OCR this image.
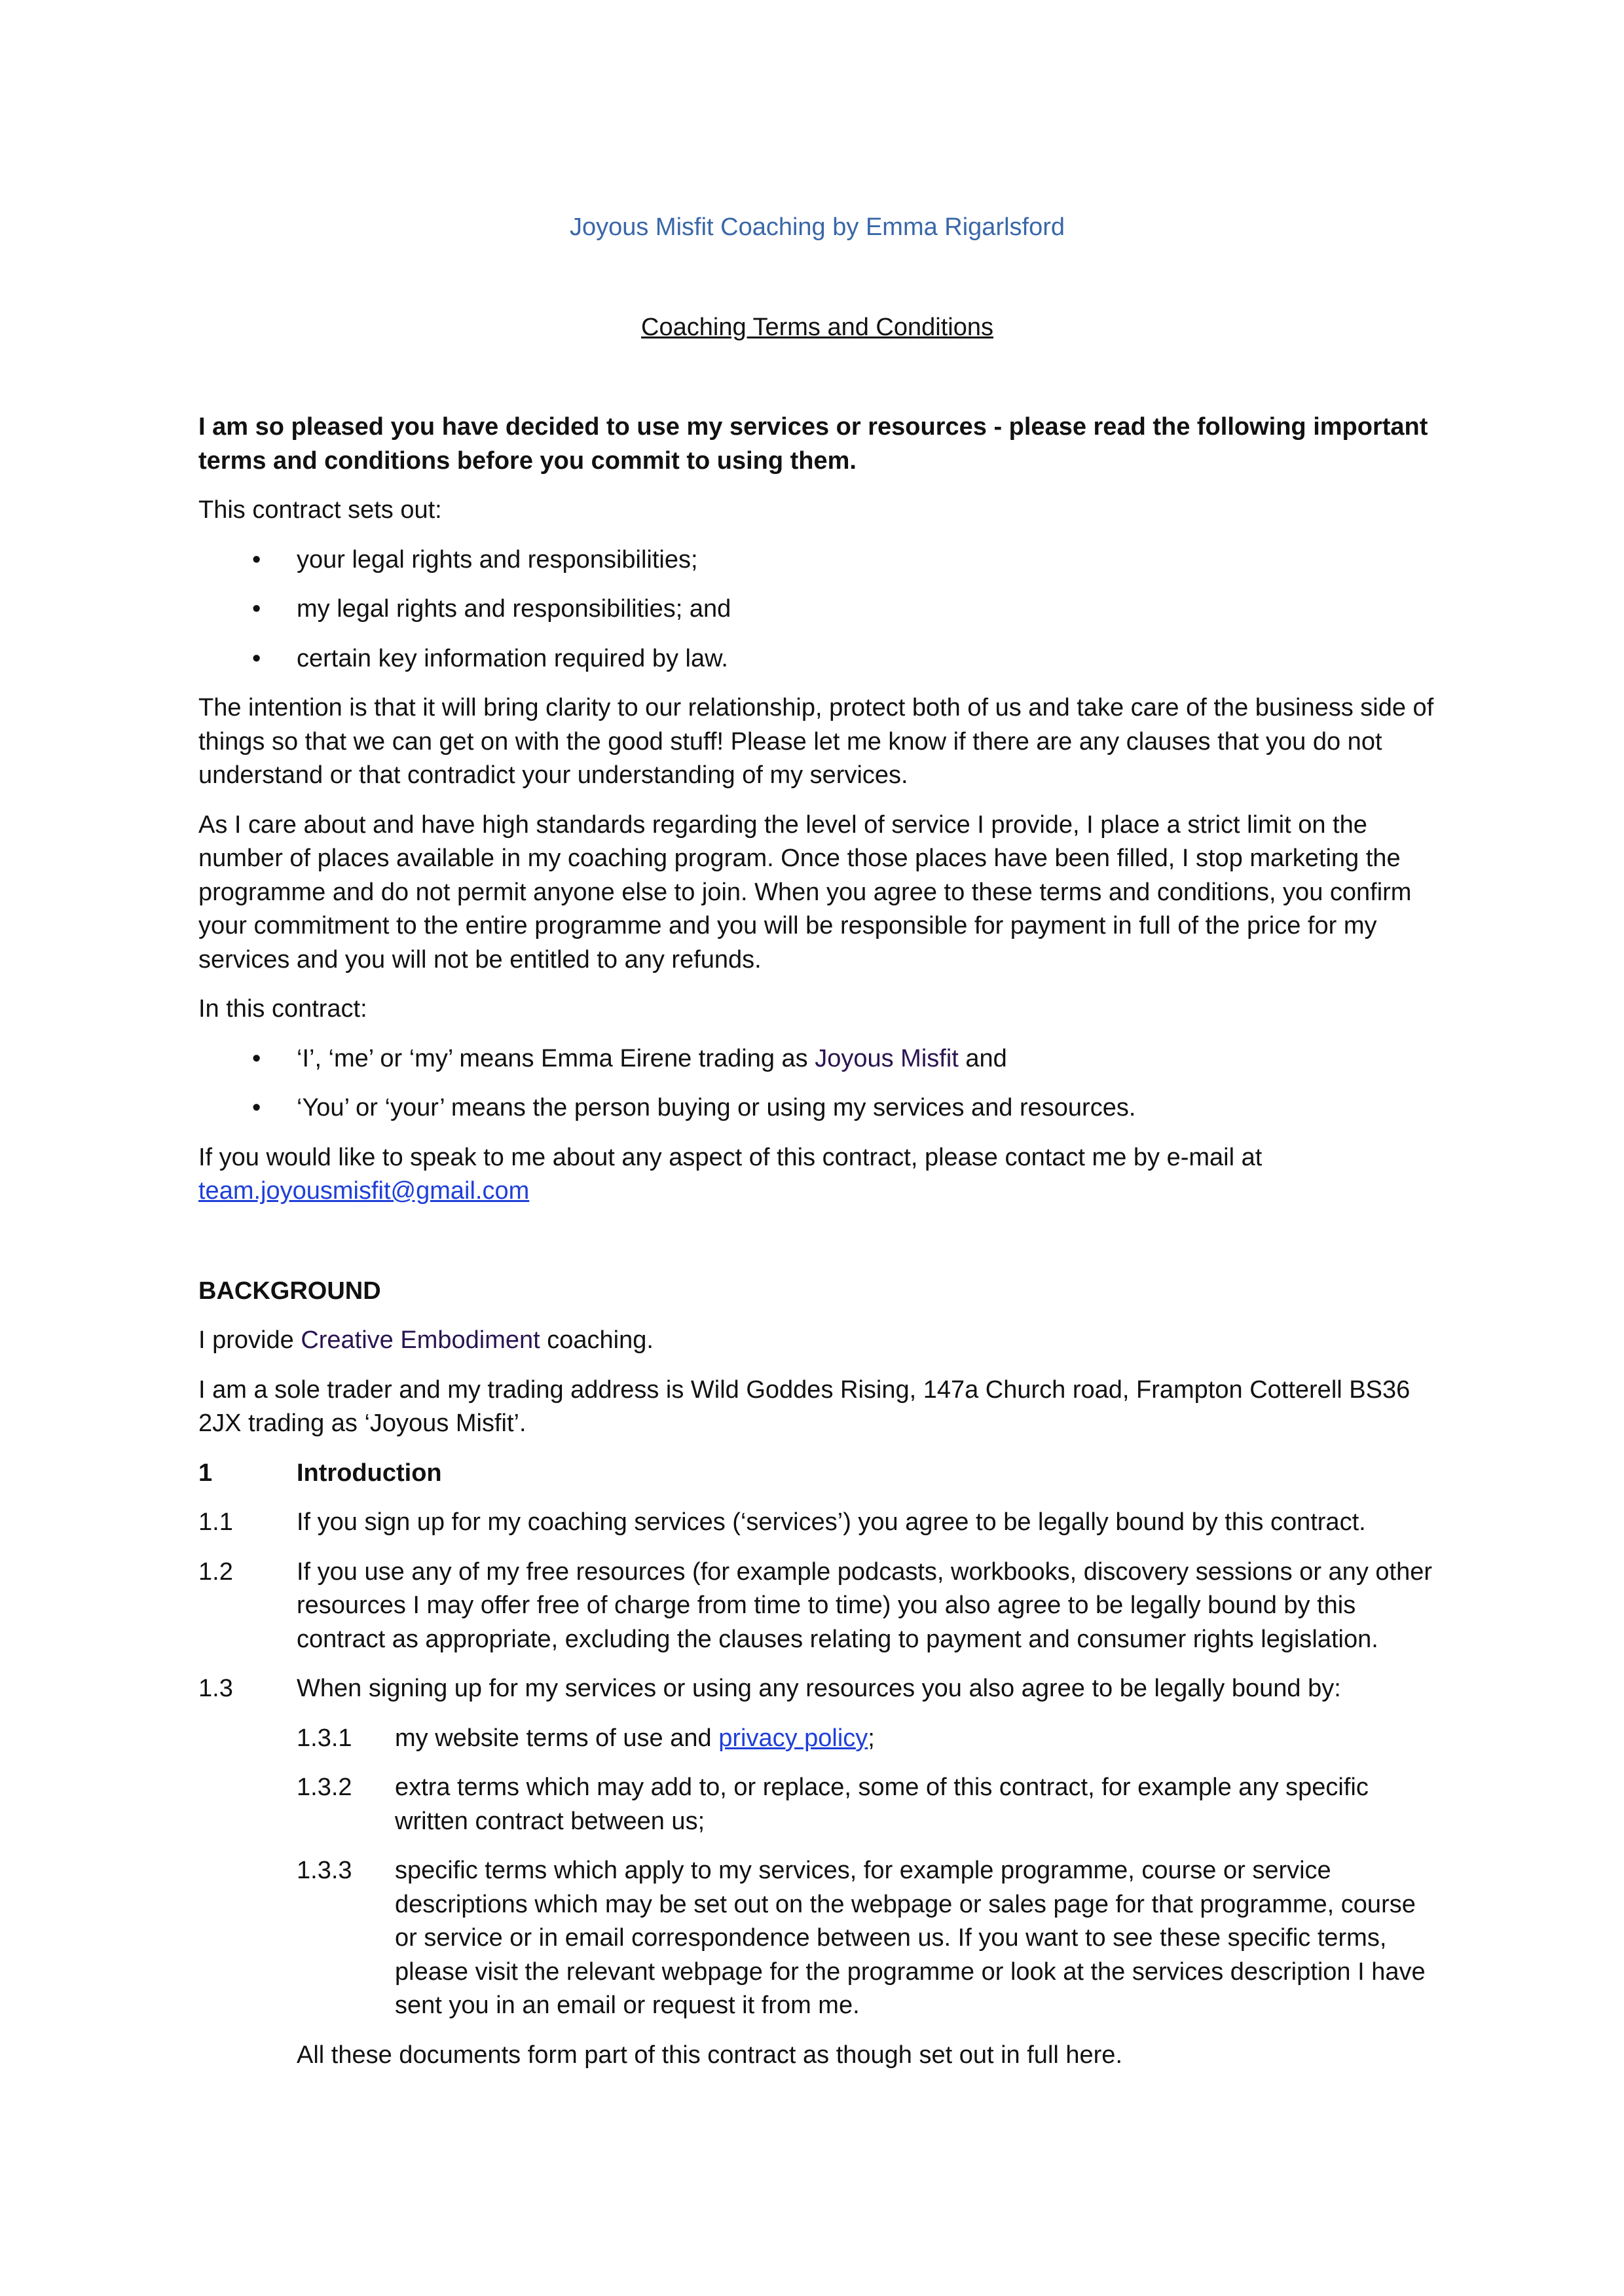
Joyous Misfit Coaching by Emma Rigarlsford

Coaching Terms and Conditions

I am so pleased you have decided to use my services or resources - please read the following important terms and conditions before you commit to using them.

This contract sets out:

• your legal rights and responsibilities;
• my legal rights and responsibilities; and
• certain key information required by law.

The intention is that it will bring clarity to our relationship, protect both of us and take care of the business side of things so that we can get on with the good stuff! Please let me know if there are any clauses that you do not understand or that contradict your understanding of my services.

As I care about and have high standards regarding the level of service I provide, I place a strict limit on the number of places available in my coaching program. Once those places have been filled, I stop marketing the programme and do not permit anyone else to join. When you agree to these terms and conditions, you confirm your commitment to the entire programme and you will be responsible for payment in full of the price for my services and you will not be entitled to any refunds.

In this contract:

• ‘I’, ‘me’ or ‘my’ means Emma Eirene trading as Joyous Misfit and
• ‘You’ or ‘your’ means the person buying or using my services and resources.

If you would like to speak to me about any aspect of this contract, please contact me by e-mail at
team.joyousmisfit@gmail.com

BACKGROUND

I provide Creative Embodiment coaching.

I am a sole trader and my trading address is Wild Goddes Rising, 147a Church road, Frampton Cotterell BS36 2JX trading as ‘Joyous Misfit’.

1	Introduction
1.1	If you sign up for my coaching services (‘services’) you agree to be legally bound by this contract.
1.2	If you use any of my free resources (for example podcasts, workbooks, discovery sessions or any other resources I may offer free of charge from time to time) you also agree to be legally bound by this contract as appropriate, excluding the clauses relating to payment and consumer rights legislation.
1.3	When signing up for my services or using any resources you also agree to be legally bound by:
1.3.1	my website terms of use and privacy policy;
1.3.2	extra terms which may add to, or replace, some of this contract, for example any specific written contract between us;
1.3.3	specific terms which apply to my services, for example programme, course or service descriptions which may be set out on the webpage or sales page for that programme, course or service or in email correspondence between us. If you want to see these specific terms, please visit the relevant webpage for the programme or look at the services description I have sent you in an email or request it from me.

All these documents form part of this contract as though set out in full here.
